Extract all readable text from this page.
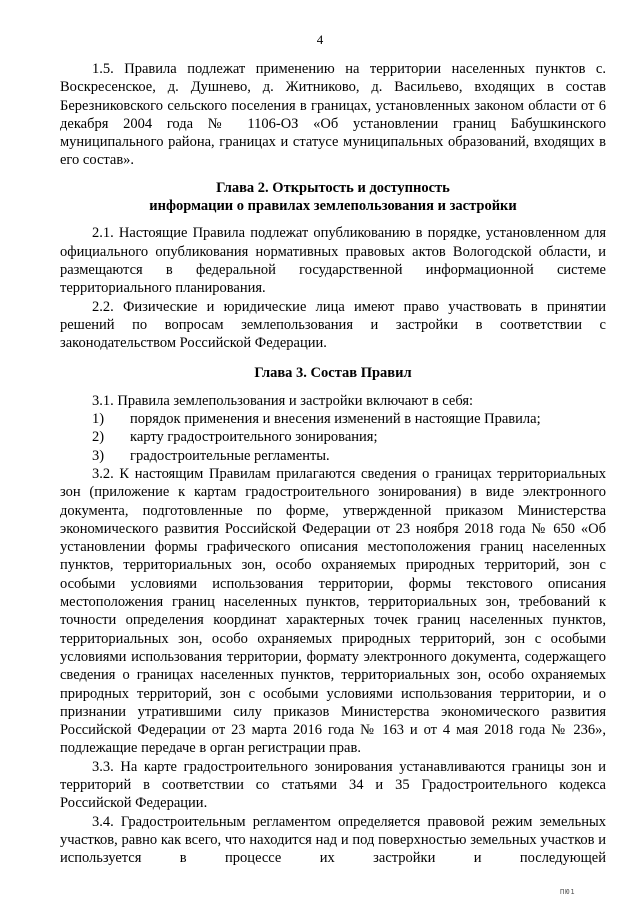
4

1.5. Правила подлежат применению на территории населенных пунктов с. Воскресенское, д. Душнево, д. Житниково, д. Васильево, входящих в состав Березниковского сельского поселения в границах, установленных законом области от 6 декабря 2004 года № 1106-ОЗ «Об установлении границ Бабушкинского муниципального района, границах и статусе муниципальных образований, входящих в его состав».

Глава 2. Открытость и доступность
информации о правилах землепользования и застройки

2.1. Настоящие Правила подлежат опубликованию в порядке, установленном для официального опубликования нормативных правовых актов Вологодской области, и размещаются в федеральной государственной информационной системе территориального планирования.

2.2. Физические и юридические лица имеют право участвовать в принятии решений по вопросам землепользования и застройки в соответствии с законодательством Российской Федерации.

Глава 3. Состав Правил

3.1. Правила землепользования и застройки включают в себя:

1)	порядок применения и внесения изменений в настоящие Правила;
2)	карту градостроительного зонирования;
3)	градостроительные регламенты.

3.2. К настоящим Правилам прилагаются сведения о границах территориальных зон (приложение к картам градостроительного зонирования) в виде электронного документа, подготовленные по форме, утвержденной приказом Министерства экономического развития Российской Федерации от 23 ноября 2018 года № 650 «Об установлении формы графического описания местоположения границ населенных пунктов, территориальных зон, особо охраняемых природных территорий, зон с особыми условиями использования территории, формы текстового описания местоположения границ населенных пунктов, территориальных зон, требований к точности определения координат характерных точек границ населенных пунктов, территориальных зон, особо охраняемых природных территорий, зон с особыми условиями использования территории, формату электронного документа, содержащего сведения о границах населенных пунктов, территориальных зон, особо охраняемых природных территорий, зон с особыми условиями использования территории, и о признании утратившими силу приказов Министерства экономического развития Российской Федерации от 23 марта 2016 года № 163 и от 4 мая 2018 года № 236», подлежащие передаче в орган регистрации прав.

3.3. На карте градостроительного зонирования устанавливаются границы зон и территорий в соответствии со статьями 34 и 35 Градостроительного кодекса Российской Федерации.

3.4. Градостроительным регламентом определяется правовой режим земельных участков, равно как всего, что находится над и под поверхностью земельных участков и используется в процессе их застройки и последующей

ПЮ1
